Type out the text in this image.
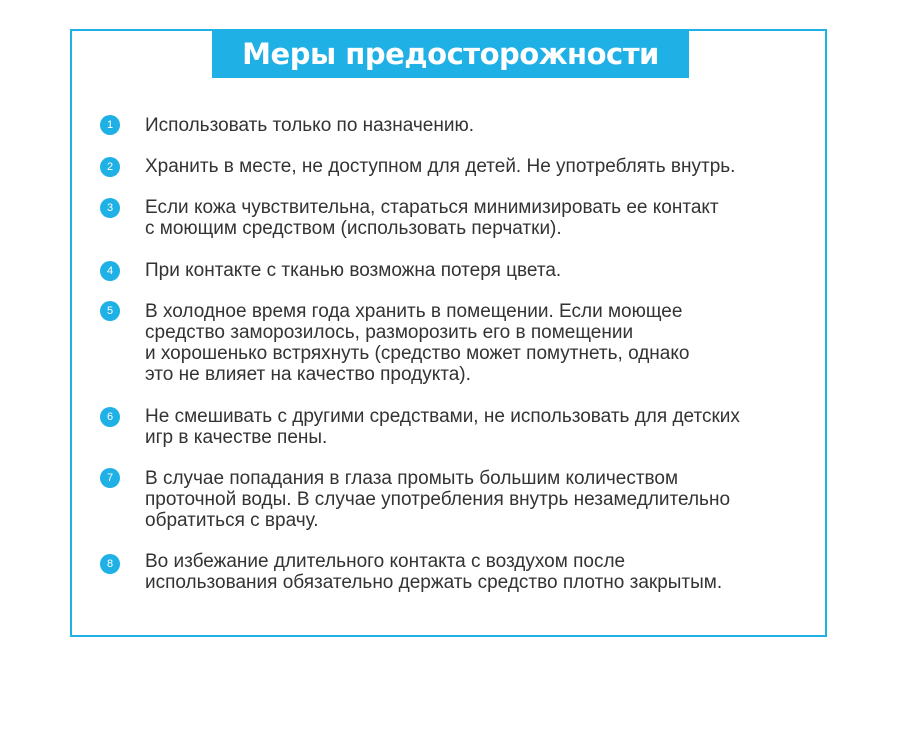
Меры предосторожности
1	Использовать только по назначению.
2	Хранить в месте, не доступном для детей. Не употреблять внутрь.
3	Если кожа чувствительна, стараться минимизировать ее контакт
с моющим средством (использовать перчатки).
4	При контакте с тканью возможна потеря цвета.
5	В холодное время года хранить в помещении. Если моющее
средство заморозилось, разморозить его в помещении
и хорошенько встряхнуть (средство может помутнеть, однако
это не влияет на качество продукта).
6	Не смешивать с другими средствами, не использовать для детских
игр в качестве пены.
7	В случае попадания в глаза промыть большим количеством
проточной воды. В случае употребления внутрь незамедлительно
обратиться с врачу.
8	Во избежание длительного контакта с воздухом после
использования обязательно держать средство плотно закрытым.
